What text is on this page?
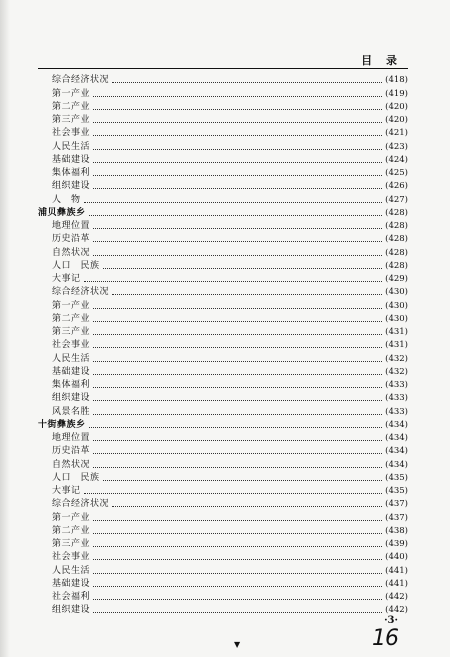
目 录
综合经济状况	(418)
第一产业	(419)
第二产业	(420)
第三产业	(420)
社会事业	(421)
人民生活	(423)
基础建设	(424)
集体福利	(425)
组织建设	(426)
人　物	(427)
浦贝彝族乡	(428)
地理位置	(428)
历史沿革	(428)
自然状况	(428)
人口　民族	(428)
大事记	(429)
综合经济状况	(430)
第一产业	(430)
第二产业	(430)
第三产业	(431)
社会事业	(431)
人民生活	(432)
基础建设	(432)
集体福利	(433)
组织建设	(433)
风景名胜	(433)
十街彝族乡	(434)
地理位置	(434)
历史沿革	(434)
自然状况	(434)
人口　民族	(435)
大事记	(435)
综合经济状况	(437)
第一产业	(437)
第二产业	(438)
第三产业	(439)
社会事业	(440)
人民生活	(441)
基础建设	(441)
社会福利	(442)
组织建设	(442)
·3·
▼	16
